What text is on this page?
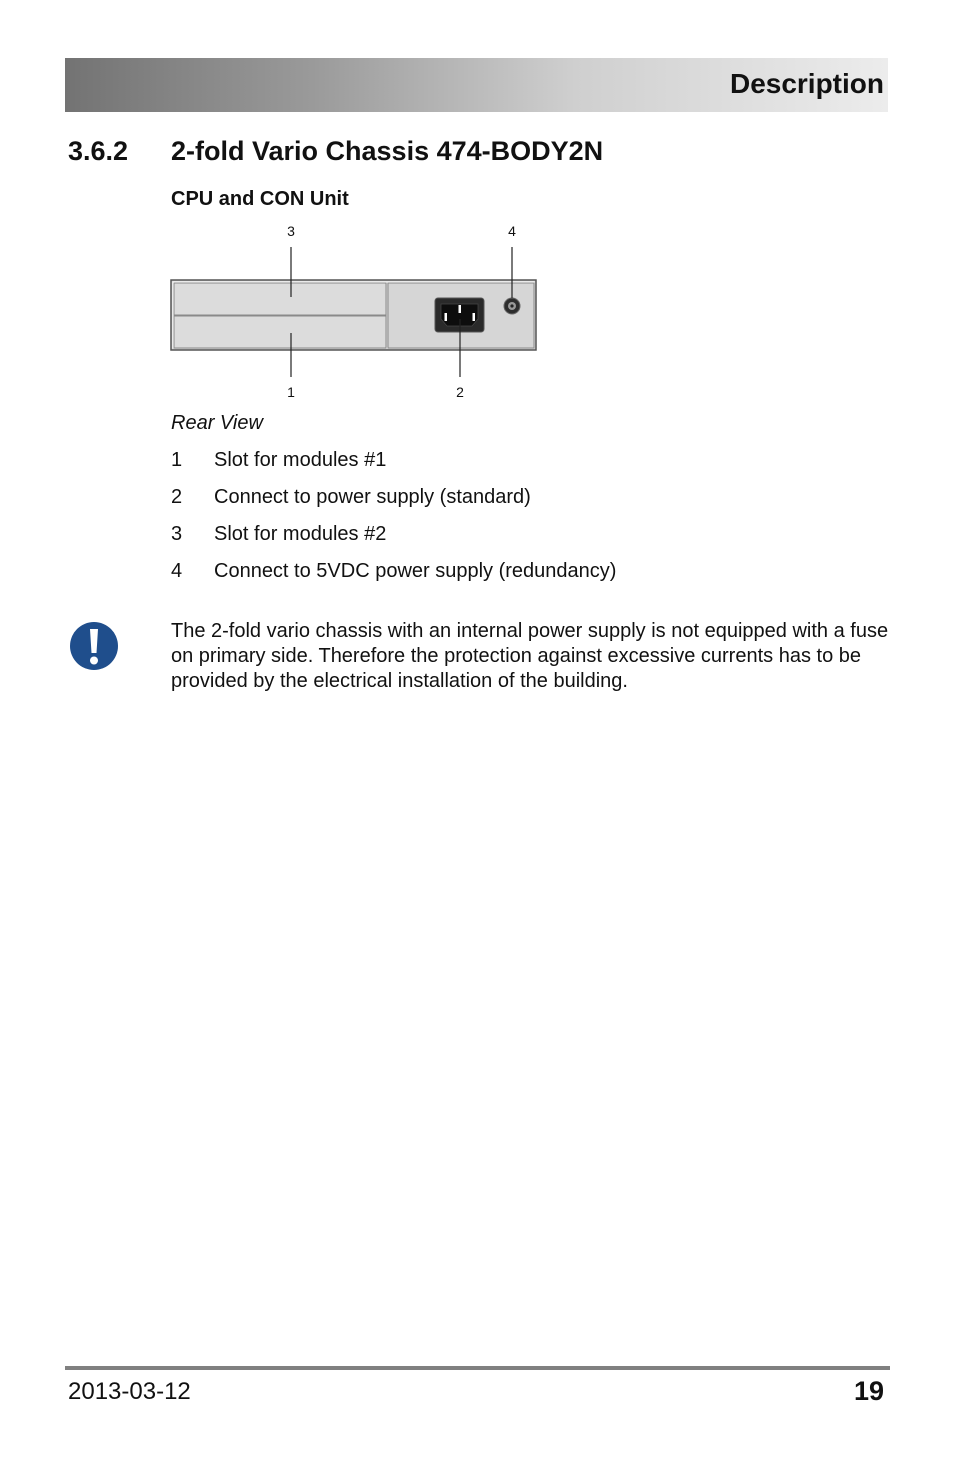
Description
3.6.2 2-fold Vario Chassis 474-BODY2N
CPU and CON Unit
3	4
1	2
Rear View
1 Slot for modules #1
2 Connect to power supply (standard)
3 Slot for modules #2
4 Connect to 5VDC power supply (redundancy)
The 2-fold vario chassis with an internal power supply is not equipped with a fuse on primary side. Therefore the protection against excessive currents has to be provided by the electrical installation of the building.
2013-03-12	19
